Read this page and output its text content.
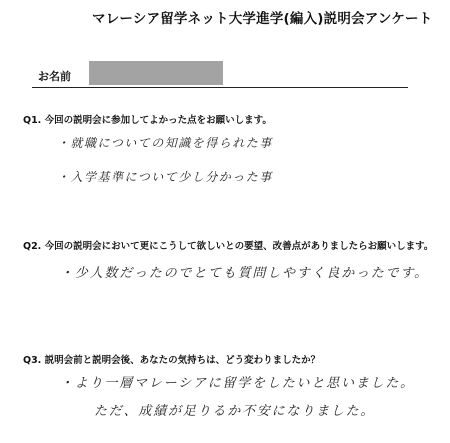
マレーシア留学ネット大学進学(編入)説明会アンケート
お名前
Q1. 今回の説明会に参加してよかった点をお願いします。
・就職についての知識を得られた事
・入学基準について少し分かった事
Q2. 今回の説明会において更にこうして欲しいとの要望、改善点がありましたらお願いします。
・少人数だったのでとても質問しやすく良かったです。
Q3. 説明会前と説明会後、あなたの気持ちは、どう変わりましたか？
・より一層マレーシアに留学をしたいと思いました。
ただ、成績が足りるか不安になりました。
